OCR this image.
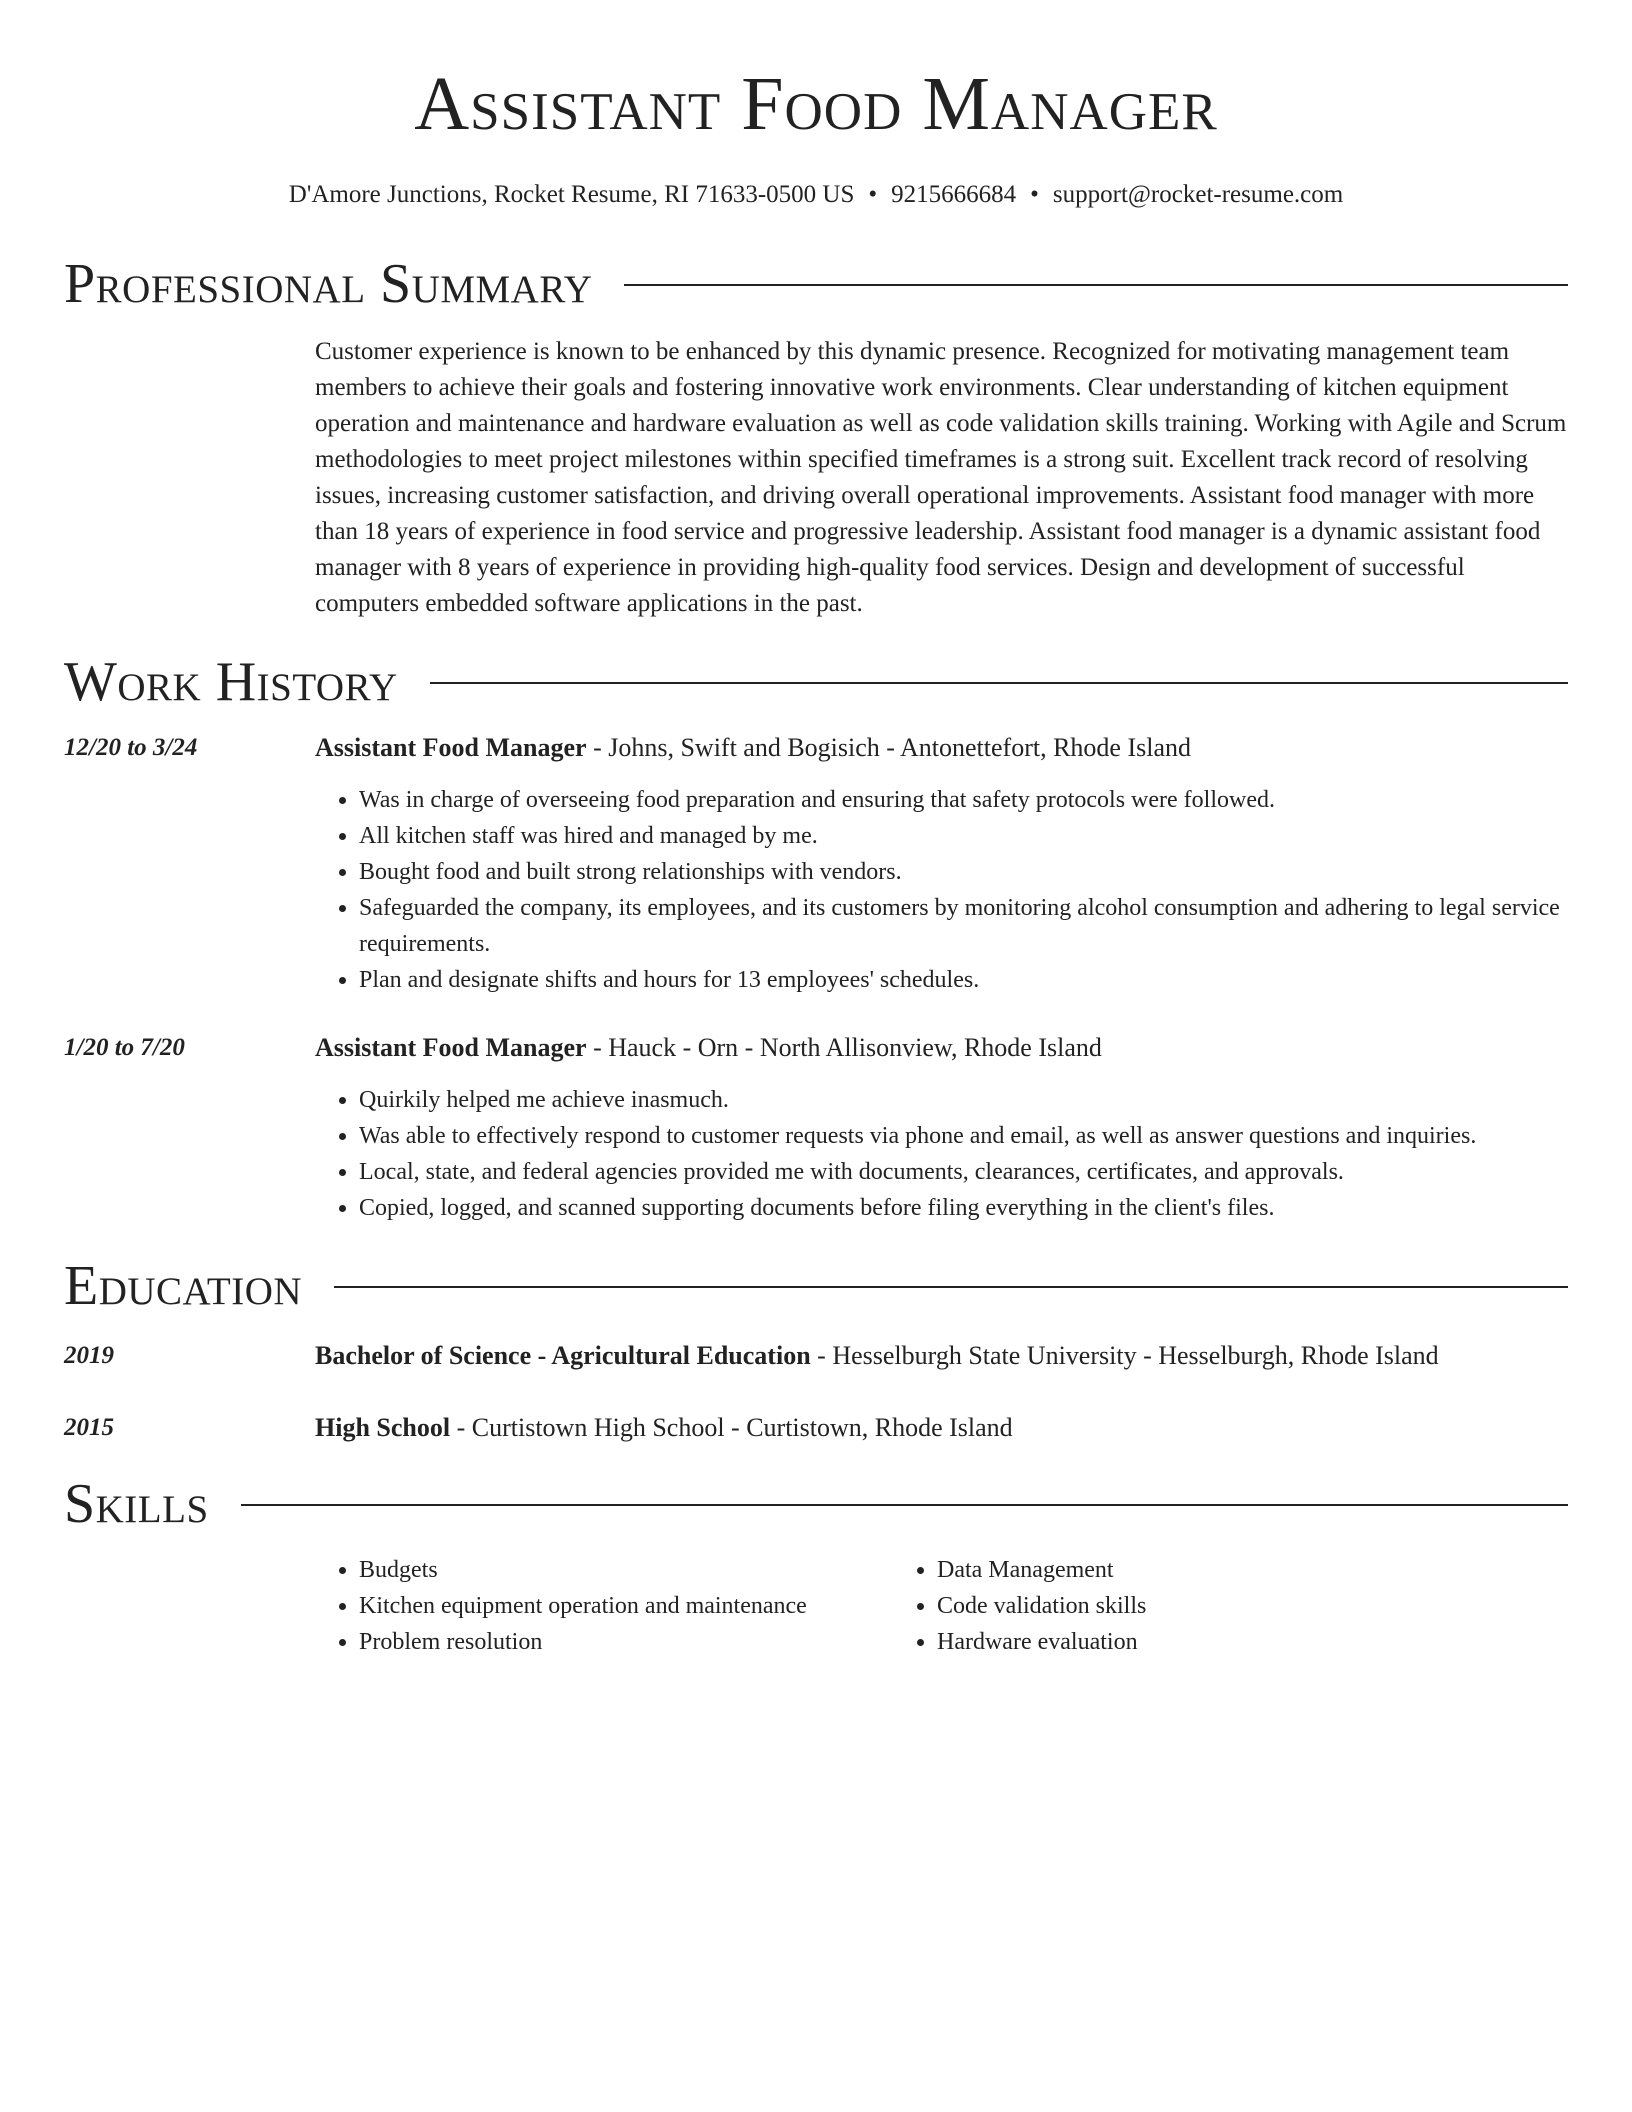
Assistant Food Manager
D'Amore Junctions, Rocket Resume, RI 71633-0500 US • 9215666684 • support@rocket-resume.com
Professional Summary
Customer experience is known to be enhanced by this dynamic presence. Recognized for motivating management team members to achieve their goals and fostering innovative work environments. Clear understanding of kitchen equipment operation and maintenance and hardware evaluation as well as code validation skills training. Working with Agile and Scrum methodologies to meet project milestones within specified timeframes is a strong suit. Excellent track record of resolving issues, increasing customer satisfaction, and driving overall operational improvements. Assistant food manager with more than 18 years of experience in food service and progressive leadership. Assistant food manager is a dynamic assistant food manager with 8 years of experience in providing high-quality food services. Design and development of successful computers embedded software applications in the past.
Work History
12/20 to 3/24	Assistant Food Manager - Johns, Swift and Bogisich - Antonettefort, Rhode Island
• Was in charge of overseeing food preparation and ensuring that safety protocols were followed.
• All kitchen staff was hired and managed by me.
• Bought food and built strong relationships with vendors.
• Safeguarded the company, its employees, and its customers by monitoring alcohol consumption and adhering to legal service requirements.
• Plan and designate shifts and hours for 13 employees' schedules.
1/20 to 7/20	Assistant Food Manager - Hauck - Orn - North Allisonview, Rhode Island
• Quirkily helped me achieve inasmuch.
• Was able to effectively respond to customer requests via phone and email, as well as answer questions and inquiries.
• Local, state, and federal agencies provided me with documents, clearances, certificates, and approvals.
• Copied, logged, and scanned supporting documents before filing everything in the client's files.
Education
2019	Bachelor of Science - Agricultural Education - Hesselburgh State University - Hesselburgh, Rhode Island
2015	High School - Curtistown High School - Curtistown, Rhode Island
Skills
• Budgets
• Kitchen equipment operation and maintenance
• Problem resolution
• Data Management
• Code validation skills
• Hardware evaluation
